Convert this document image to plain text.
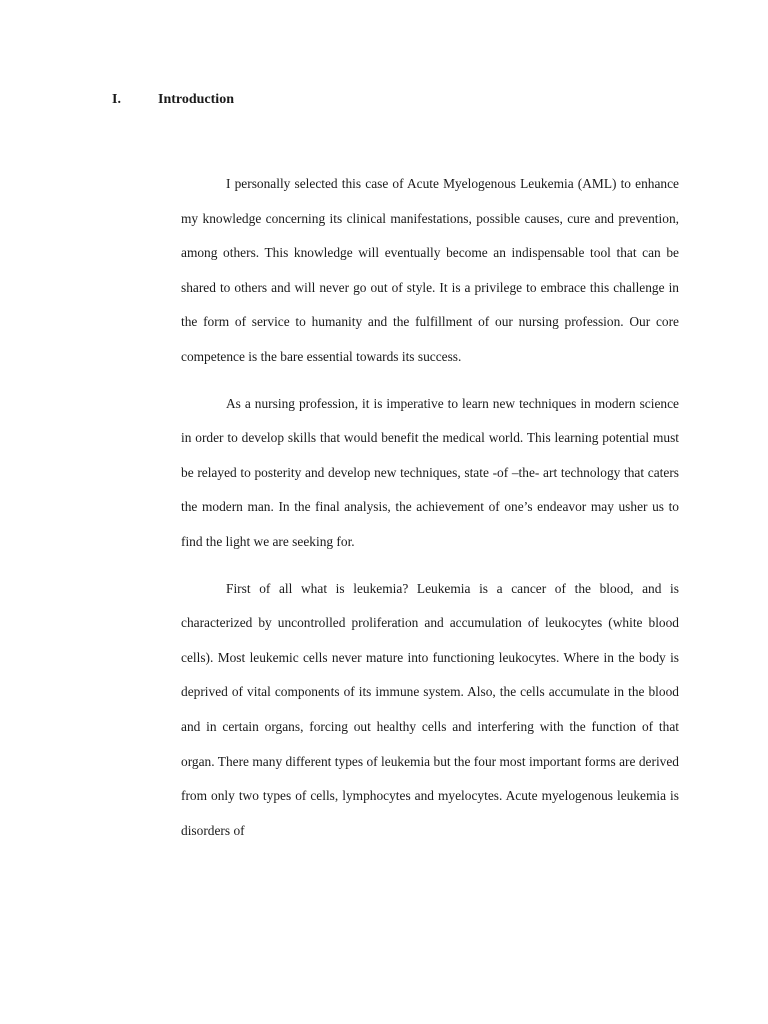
I.	Introduction

I personally selected this case of Acute Myelogenous Leukemia (AML) to enhance my knowledge concerning its clinical manifestations, possible causes, cure and prevention, among others. This knowledge will eventually become an indispensable tool that can be shared to others and will never go out of style. It is a privilege to embrace this challenge in the form of service to humanity and the fulfillment of our nursing profession. Our core competence is the bare essential towards its success.

As a nursing profession, it is imperative to learn new techniques in modern science in order to develop skills that would benefit the medical world. This learning potential must be relayed to posterity and develop new techniques, state -of –the- art technology that caters the modern man. In the final analysis, the achievement of one’s endeavor may usher us to find the light we are seeking for.

First of all what is leukemia? Leukemia is a cancer of the blood, and is characterized by uncontrolled proliferation and accumulation of leukocytes (white blood cells). Most leukemic cells never mature into functioning leukocytes. Where in the body is deprived of vital components of its immune system. Also, the cells accumulate in the blood and in certain organs, forcing out healthy cells and interfering with the function of that organ. There many different types of leukemia but the four most important forms are derived from only two types of cells, lymphocytes and myelocytes. Acute myelogenous leukemia is disorders of
